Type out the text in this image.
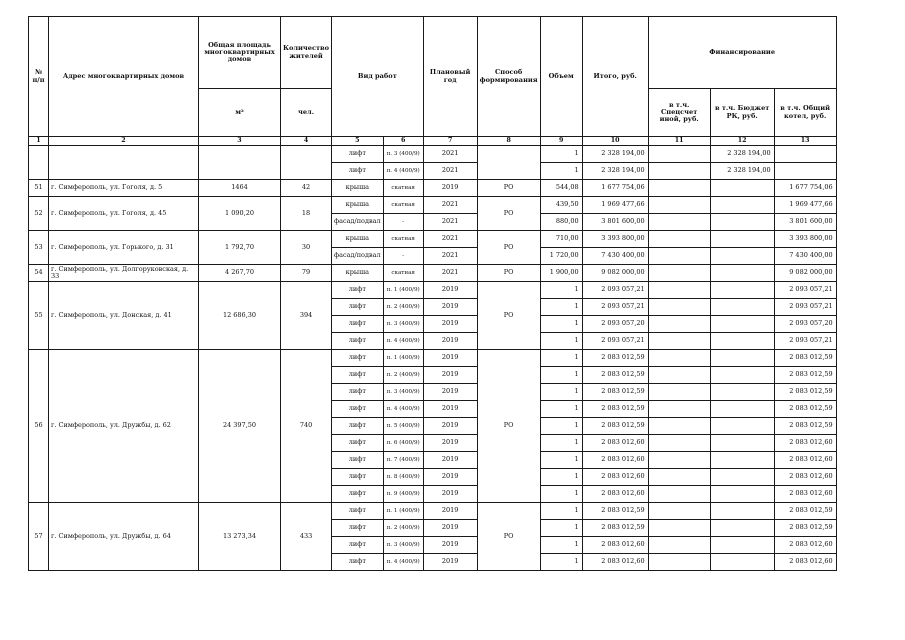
№ п/п	Адрес многоквартирных домов	Общая площадь многоквартирных домов	Количество жителей	Вид работ		Плановый год	Способ формирования	Объем	Итого, руб.	Финансирование		
		м²	чел.							в т.ч. Спецсчет иной, руб.	в т.ч. Бюджет РК, руб.	в т.ч. Общий котел, руб.
1	2	3	4	5	6	7	8	9	10	11	12	13
				лифт	п. 3 (400/9)	2021		1	2 328 194,00		2 328 194,00	
				лифт	п. 4 (400/9)	2021		1	2 328 194,00		2 328 194,00	
51	г. Симферополь, ул. Гоголя, д. 5	1464	42	крыша	скатная	2019	РО	544,08	1 677 754,06			1 677 754,06
52	г. Симферополь, ул. Гоголя, д. 45	1 090,20	18	крыша	скатная	2021	РО	439,50	1 969 477,66			1 969 477,66
				фасад/подвал	-	2021		880,00	3 801 600,00			3 801 600,00
53	г. Симферополь, ул. Горького, д. 31	1 792,70	30	крыша	скатная	2021	РО	710,00	3 393 800,00			3 393 800,00
				фасад/подвал	-	2021		1 720,00	7 430 400,00			7 430 400,00
54	г. Симферополь, ул. Долгоруковская, д. 33	4 267,70	79	крыша	скатная	2021	РО	1 900,00	9 082 000,00			9 082 000,00
55	г. Симферополь, ул. Донская, д. 41	12 686,30	394	лифт	п. 1 (400/9)	2019	РО	1	2 093 057,21			2 093 057,21
				лифт	п. 2 (400/9)	2019		1	2 093 057,21			2 093 057,21
				лифт	п. 3 (400/9)	2019		1	2 093 057,20			2 093 057,20
				лифт	п. 4 (400/9)	2019		1	2 093 057,21			2 093 057,21
56	г. Симферополь, ул. Дружбы, д. 62	24 397,50	740	лифт	п. 1 (400/9)	2019	РО	1	2 083 012,59			2 083 012,59
				лифт	п. 2 (400/9)	2019		1	2 083 012,59			2 083 012,59
				лифт	п. 3 (400/9)	2019		1	2 083 012,59			2 083 012,59
				лифт	п. 4 (400/9)	2019		1	2 083 012,59			2 083 012,59
				лифт	п. 5 (400/9)	2019		1	2 083 012,59			2 083 012,59
				лифт	п. 6 (400/9)	2019		1	2 083 012,60			2 083 012,60
				лифт	п. 7 (400/9)	2019		1	2 083 012,60			2 083 012,60
				лифт	п. 8 (400/9)	2019		1	2 083 012,60			2 083 012,60
				лифт	п. 9 (400/9)	2019		1	2 083 012,60			2 083 012,60
57	г. Симферополь, ул. Дружбы, д. 64	13 273,34	433	лифт	п. 1 (400/9)	2019	РО	1	2 083 012,59			2 083 012,59
				лифт	п. 2 (400/9)	2019		1	2 083 012,59			2 083 012,59
				лифт	п. 3 (400/9)	2019		1	2 083 012,60			2 083 012,60
				лифт	п. 4 (400/9)	2019		1	2 083 012,60			2 083 012,60
